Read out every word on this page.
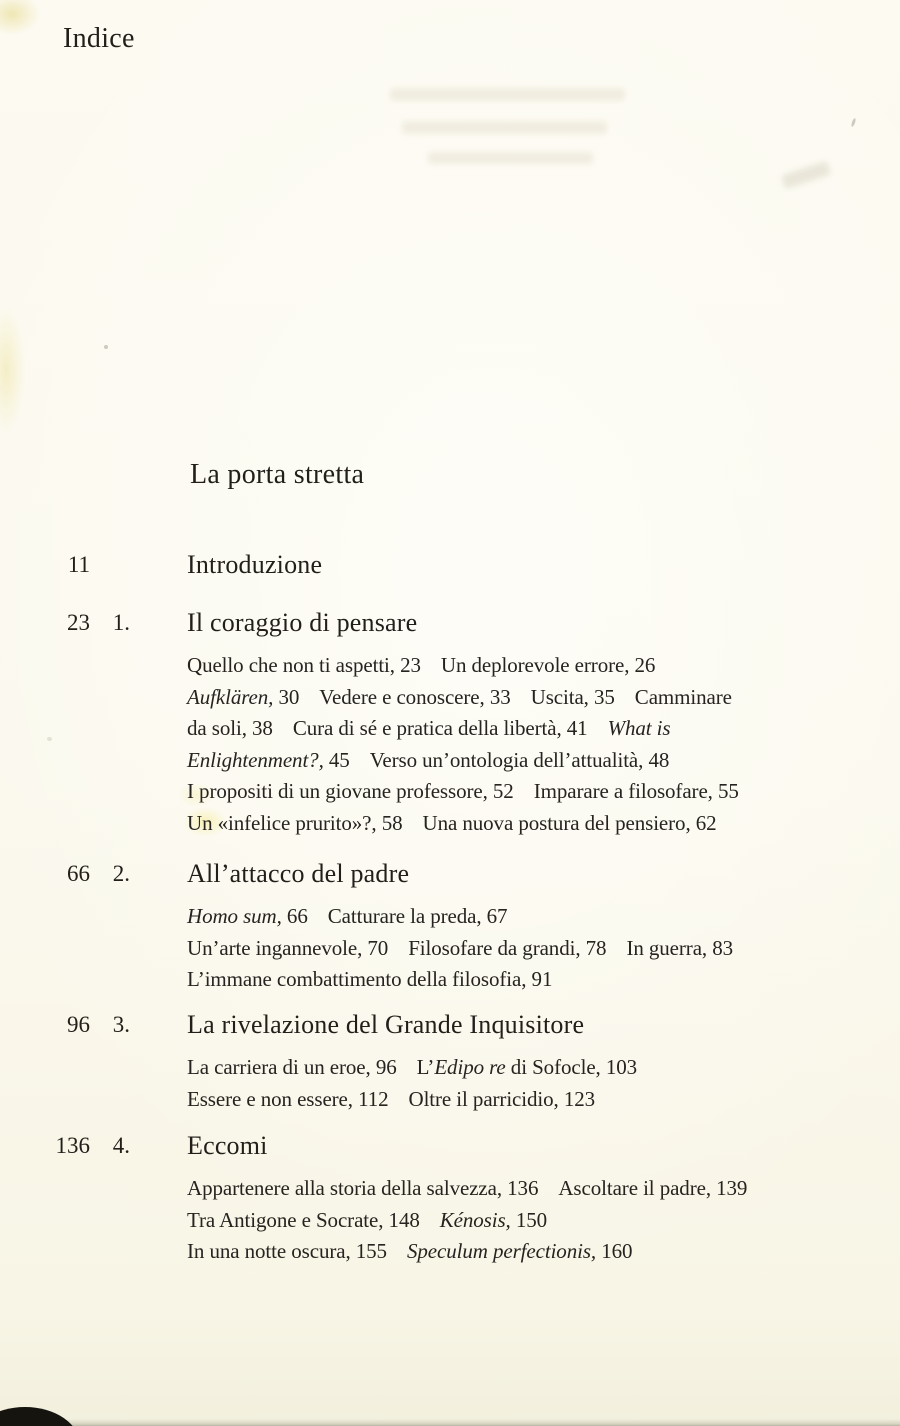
Indice
La porta stretta
11	Introduzione
23 1. Il coraggio di pensare
Quello che non ti aspetti, 23 Un deplorevole errore, 26
Aufklären, 30 Vedere e conoscere, 33 Uscita, 35 Camminare
da soli, 38 Cura di sé e pratica della libertà, 41 What is
Enlightenment?, 45 Verso un’ontologia dell’attualità, 48
I propositi di un giovane professore, 52 Imparare a filosofare, 55
Un «infelice prurito»?, 58 Una nuova postura del pensiero, 62
66 2. All’attacco del padre
Homo sum, 66 Catturare la preda, 67
Un’arte ingannevole, 70 Filosofare da grandi, 78 In guerra, 83
L’immane combattimento della filosofia, 91
96 3. La rivelazione del Grande Inquisitore
La carriera di un eroe, 96 L’Edipo re di Sofocle, 103
Essere e non essere, 112 Oltre il parricidio, 123
136 4. Eccomi
Appartenere alla storia della salvezza, 136 Ascoltare il padre, 139
Tra Antigone e Socrate, 148 Kénosis, 150
In una notte oscura, 155 Speculum perfectionis, 160
